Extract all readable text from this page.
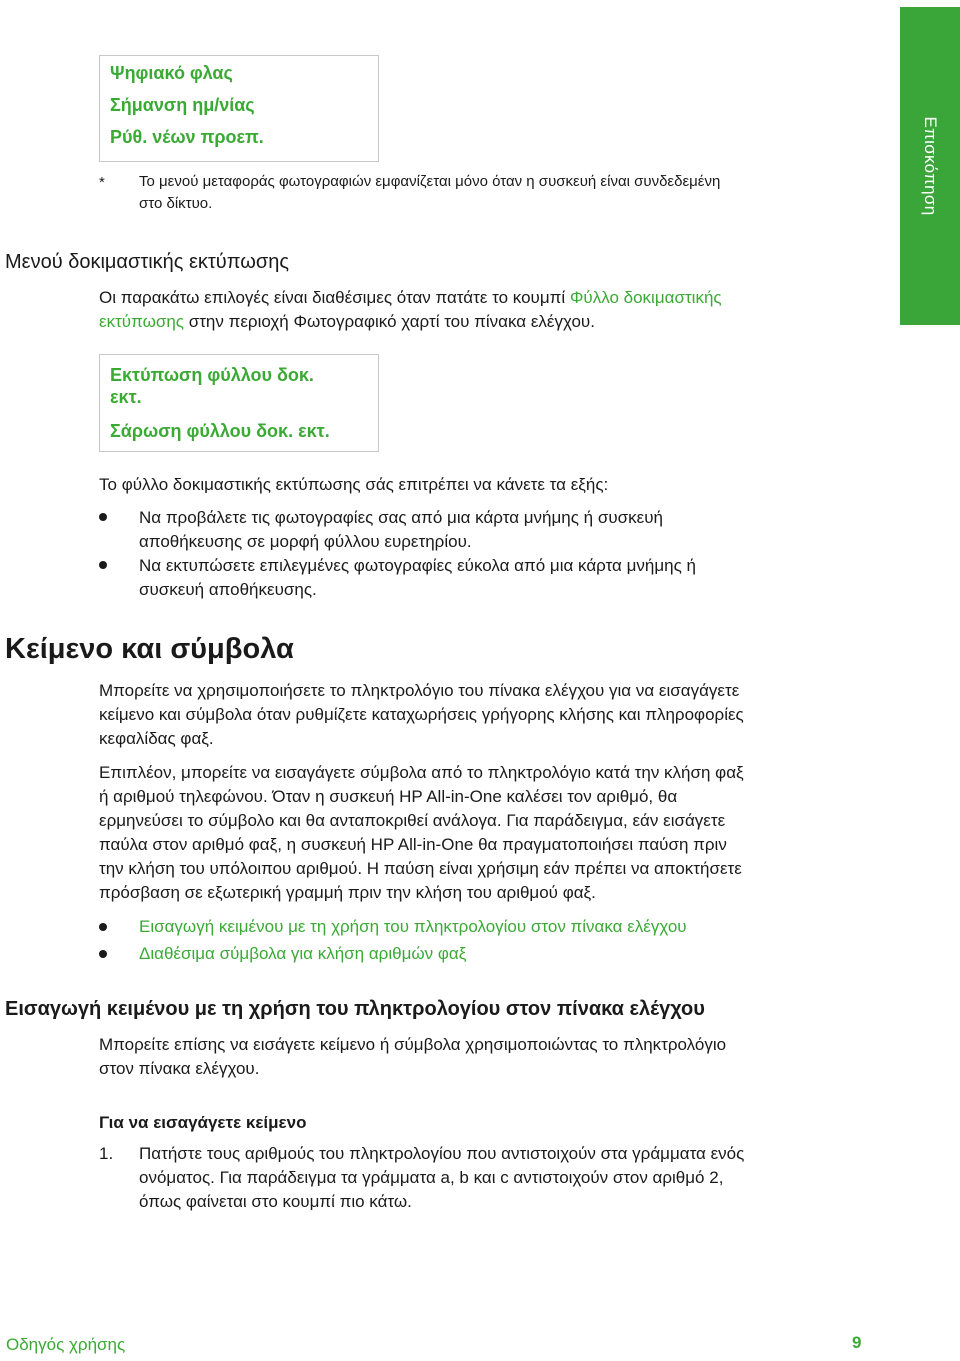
Επισκόπηση
Ψηφιακό φλας
Σήμανση ημ/νίας
Ρύθ. νέων προεπ.
* Το μενού μεταφοράς φωτογραφιών εμφανίζεται μόνο όταν η συσκευή είναι συνδεδεμένη
στο δίκτυο.
Μενού δοκιμαστικής εκτύπωσης
Οι παρακάτω επιλογές είναι διαθέσιμες όταν πατάτε το κουμπί Φύλλο δοκιμαστικής
εκτύπωσης στην περιοχή Φωτογραφικό χαρτί του πίνακα ελέγχου.
Εκτύπωση φύλλου δοκ.
εκτ.
Σάρωση φύλλου δοκ. εκτ.
Το φύλλο δοκιμαστικής εκτύπωσης σάς επιτρέπει να κάνετε τα εξής:
Να προβάλετε τις φωτογραφίες σας από μια κάρτα μνήμης ή συσκευή
αποθήκευσης σε μορφή φύλλου ευρετηρίου.
Να εκτυπώσετε επιλεγμένες φωτογραφίες εύκολα από μια κάρτα μνήμης ή
συσκευή αποθήκευσης.
Κείμενο και σύμβολα
Μπορείτε να χρησιμοποιήσετε το πληκτρολόγιο του πίνακα ελέγχου για να εισαγάγετε
κείμενο και σύμβολα όταν ρυθμίζετε καταχωρήσεις γρήγορης κλήσης και πληροφορίες
κεφαλίδας φαξ.
Επιπλέον, μπορείτε να εισαγάγετε σύμβολα από το πληκτρολόγιο κατά την κλήση φαξ
ή αριθμού τηλεφώνου. Όταν η συσκευή HP All-in-One καλέσει τον αριθμό, θα
ερμηνεύσει το σύμβολο και θα ανταποκριθεί ανάλογα. Για παράδειγμα, εάν εισάγετε
παύλα στον αριθμό φαξ, η συσκευή HP All-in-One θα πραγματοποιήσει παύση πριν
την κλήση του υπόλοιπου αριθμού. Η παύση είναι χρήσιμη εάν πρέπει να αποκτήσετε
πρόσβαση σε εξωτερική γραμμή πριν την κλήση του αριθμού φαξ.
Εισαγωγή κειμένου με τη χρήση του πληκτρολογίου στον πίνακα ελέγχου
Διαθέσιμα σύμβολα για κλήση αριθμών φαξ
Εισαγωγή κειμένου με τη χρήση του πληκτρολογίου στον πίνακα ελέγχου
Μπορείτε επίσης να εισάγετε κείμενο ή σύμβολα χρησιμοποιώντας το πληκτρολόγιο
στον πίνακα ελέγχου.
Για να εισαγάγετε κείμενο
1. Πατήστε τους αριθμούς του πληκτρολογίου που αντιστοιχούν στα γράμματα ενός
ονόματος. Για παράδειγμα τα γράμματα a, b και c αντιστοιχούν στον αριθμό 2,
όπως φαίνεται στο κουμπί πιο κάτω.
Οδηγός χρήσης	9
